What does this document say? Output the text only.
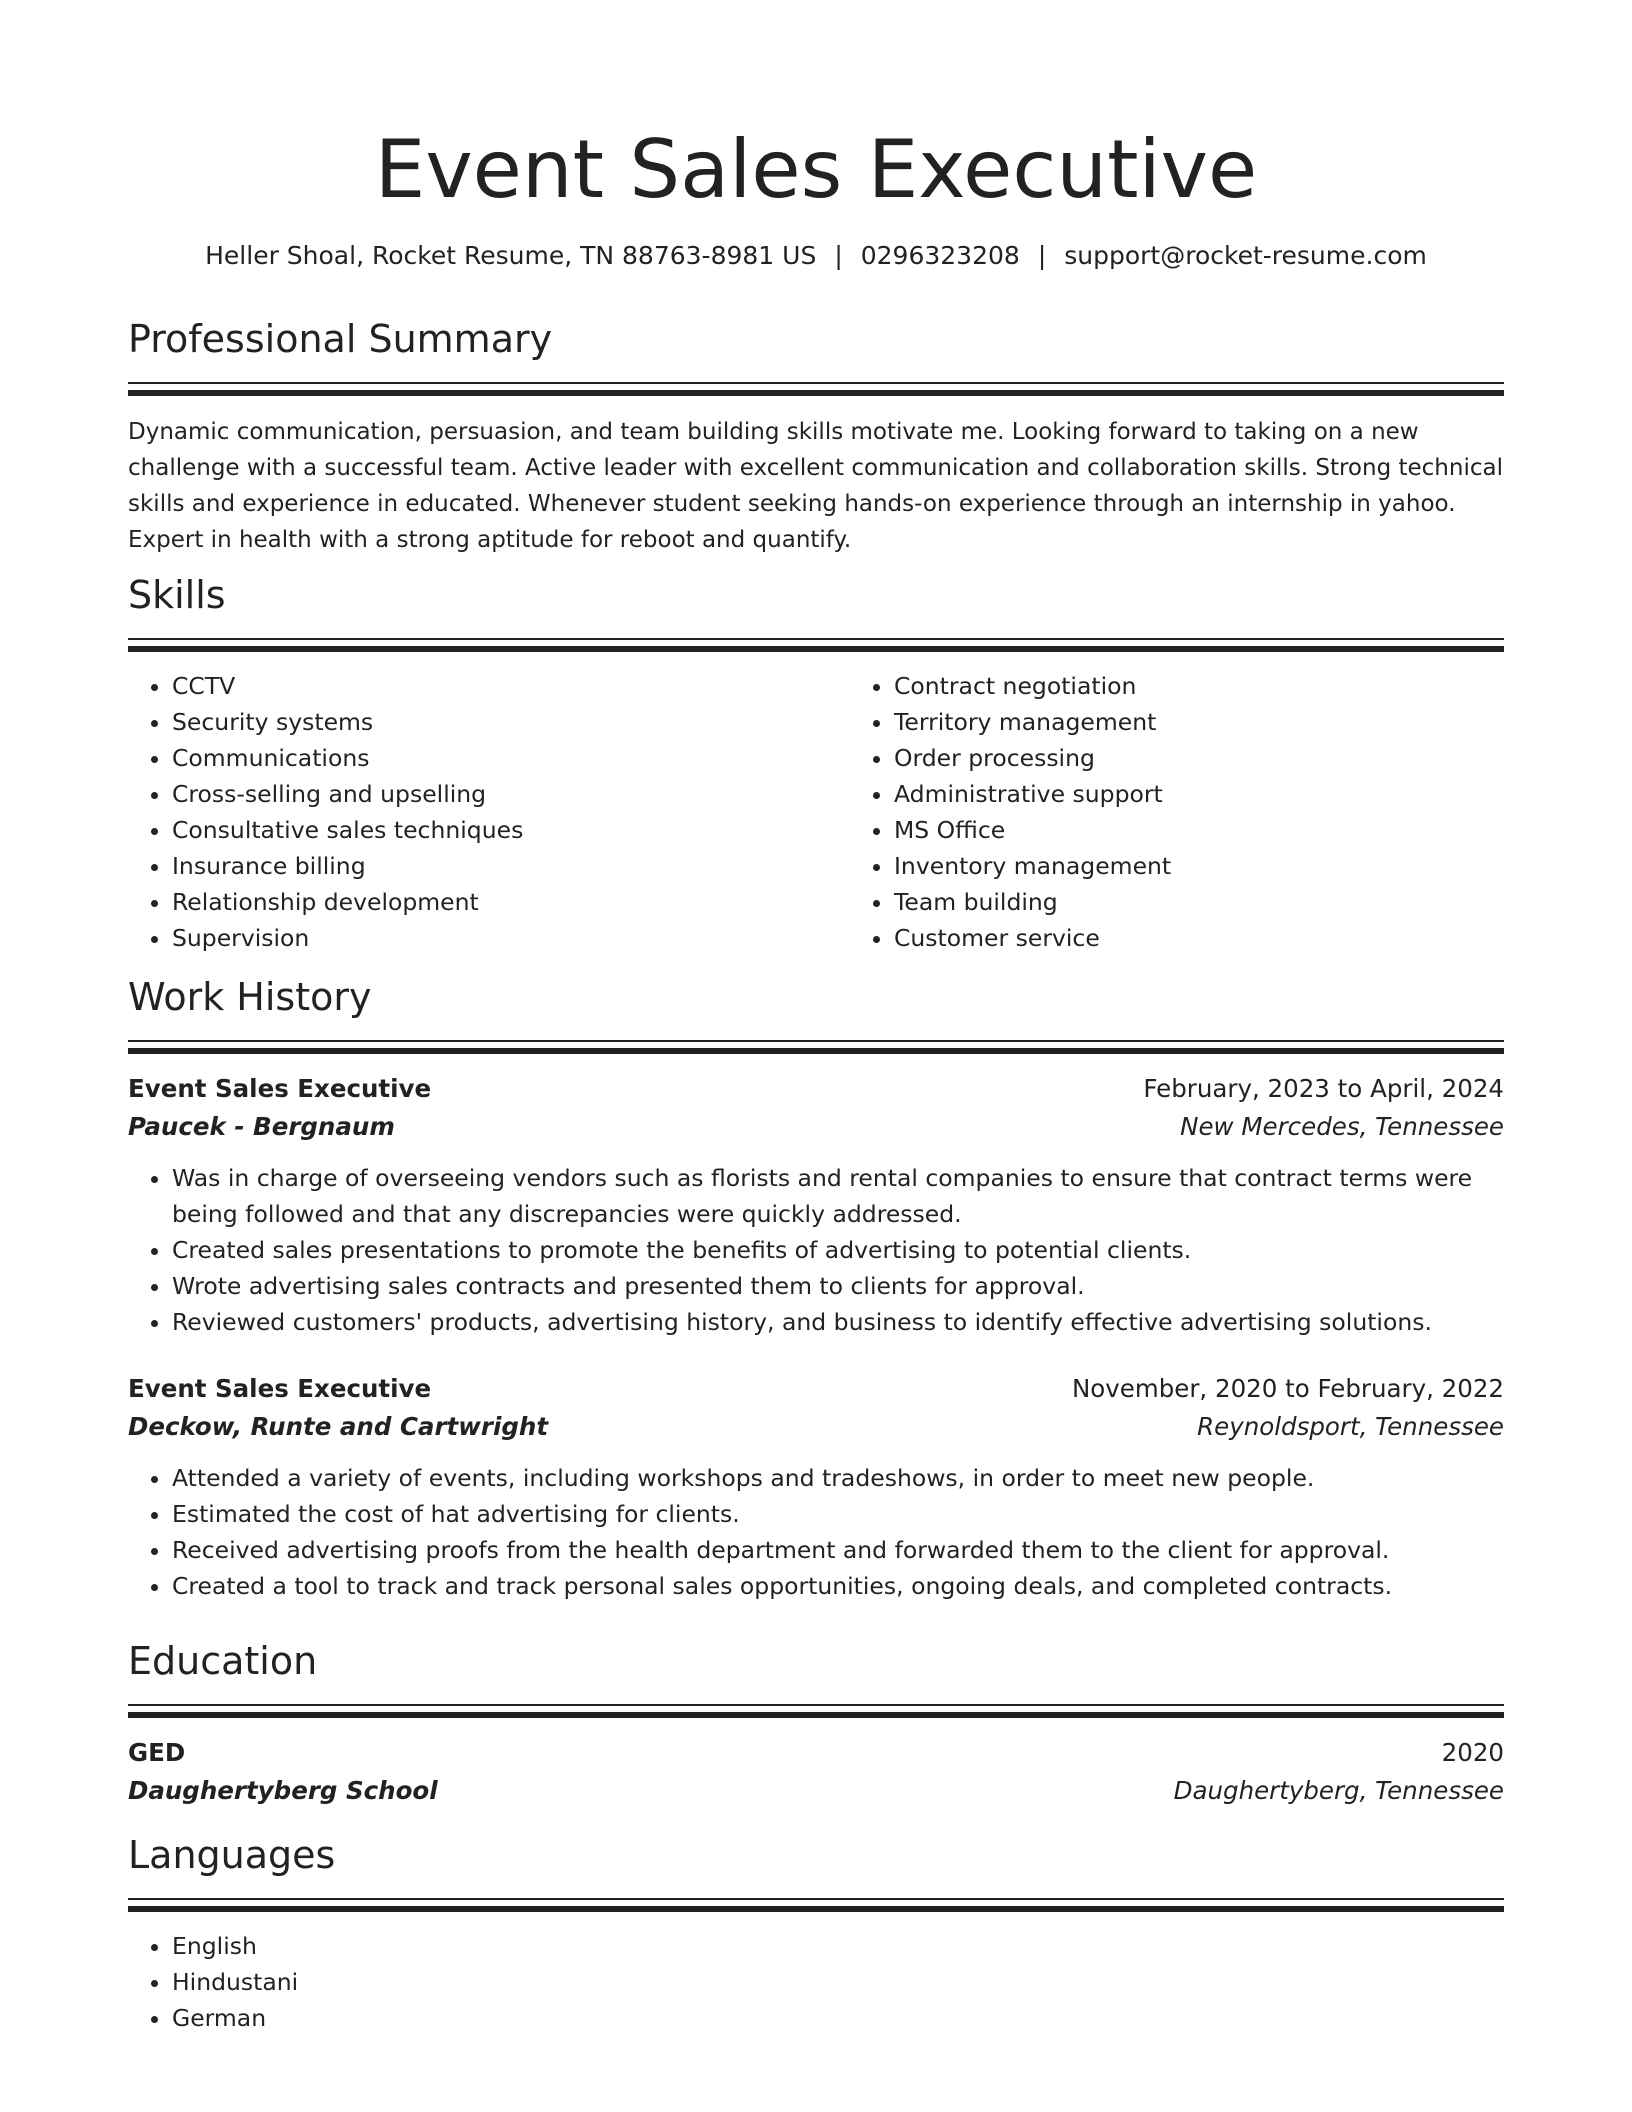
Event Sales Executive
Heller Shoal, Rocket Resume, TN 88763-8981 US | 0296323208 | support@rocket-resume.com
Professional Summary

Dynamic communication, persuasion, and team building skills motivate me. Looking forward to taking on a new challenge with a successful team. Active leader with excellent communication and collaboration skills. Strong technical skills and experience in educated. Whenever student seeking hands-on experience through an internship in yahoo. Expert in health with a strong aptitude for reboot and quantify.

Skills
• CCTV
• Security systems
• Communications
• Cross-selling and upselling
• Consultative sales techniques
• Insurance billing
• Relationship development
• Supervision
• Contract negotiation
• Territory management
• Order processing
• Administrative support
• MS Office
• Inventory management
• Team building
• Customer service
Work History
Event Sales Executive	February, 2023 to April, 2024
Paucek - Bergnaum	New Mercedes, Tennessee
• Was in charge of overseeing vendors such as florists and rental companies to ensure that contract terms were being followed and that any discrepancies were quickly addressed.
• Created sales presentations to promote the benefits of advertising to potential clients.
• Wrote advertising sales contracts and presented them to clients for approval.
• Reviewed customers' products, advertising history, and business to identify effective advertising solutions.
Event Sales Executive	November, 2020 to February, 2022
Deckow, Runte and Cartwright	Reynoldsport, Tennessee
• Attended a variety of events, including workshops and tradeshows, in order to meet new people.
• Estimated the cost of hat advertising for clients.
• Received advertising proofs from the health department and forwarded them to the client for approval.
• Created a tool to track and track personal sales opportunities, ongoing deals, and completed contracts.
Education
GED	2020
Daughertyberg School	Daughertyberg, Tennessee
Languages
• English
• Hindustani
• German
